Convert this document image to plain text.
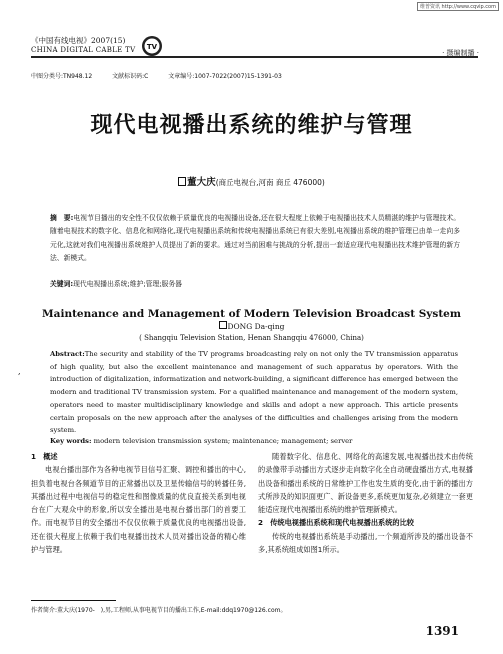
维普资讯 http://www.cqvip.com
《中国有线电视》2007(15)
CHINA DIGITAL CABLE TV TV
· 摄编制播 ·
中图分类号:TN948.12	文献标识码:C	文章编号:1007-7022(2007)15-1391-03
现代电视播出系统的维护与管理
董大庆(商丘电视台,河南 商丘 476000)
摘　要:电视节目播出的安全性不仅仅依赖于质量优良的电视播出设备,还在很大程度上依赖于电视播出技术人员精湛的维护与管理技术。随着电视技术的数字化、信息化和网络化,现代电视播出系统和传统电视播出系统已有很大差别,电视播出系统的维护管理已由单一走向多元化,这就对我们电视播出系统维护人员提出了新的要求。通过对当前困难与挑战的分析,提出一套适应现代电视播出技术维护管理的新方法、新模式。
关键词:现代电视播出系统;维护;管理;服务器
Maintenance and Management of Modern Television Broadcast System
DONG Da-qing
( Shangqiu Television Station, Henan Shangqiu 476000, China)
,
Abstract:The security and stability of the TV programs broadcasting rely on not only the TV transmission apparatus of high quality, but also the excellent maintenance and management of such apparatus by operators. With the introduction of digitalization, informatization and network-building, a significant difference has emerged between the modern and traditional TV transmission system. For a qualified maintenance and management of the modern system, operators need to master multidisciplinary knowledge and skills and adopt a new approach. This article presents certain proposals on the new approach after the analyses of the difficulties and challenges arising from the modern system.
Key words: modern television transmission system; maintenance; management; server
1　概述

电视台播出部作为各种电视节目信号汇聚、调控和播出的中心,担负着电视台各频道节目的正常播出以及卫星传输信号的转播任务,其播出过程中电视信号的稳定性和图像质量的优良直接关系到电视台在广大观众中的形象,所以安全播出是电视台播出部门的首要工作。而电视节目的安全播出不仅仅依赖于质量优良的电视播出设备,还在很大程度上依赖于我们电视播出技术人员对播出设备的精心维护与管理。

随着数字化、信息化、网络化的高速发展,电视播出技术由传统的录像带手动播出方式逐步走向数字化全自动硬盘播出方式,电视播出设备和播出系统的日常维护工作也发生质的变化,由于新的播出方式所涉及的知识面更广、新设备更多,系统更加复杂,必须建立一套更能适应现代电视播出系统的维护管理新模式。

2　传统电视播出系统和现代电视播出系统的比较

传统的电视播出系统是手动播出,一个频道所涉及的播出设备不多,其系统组成如图1所示。

作者简介:董大庆(1970-　),男,工程师,从事电视节目的播出工作,E-mail:ddq1970@126.com。
1391
